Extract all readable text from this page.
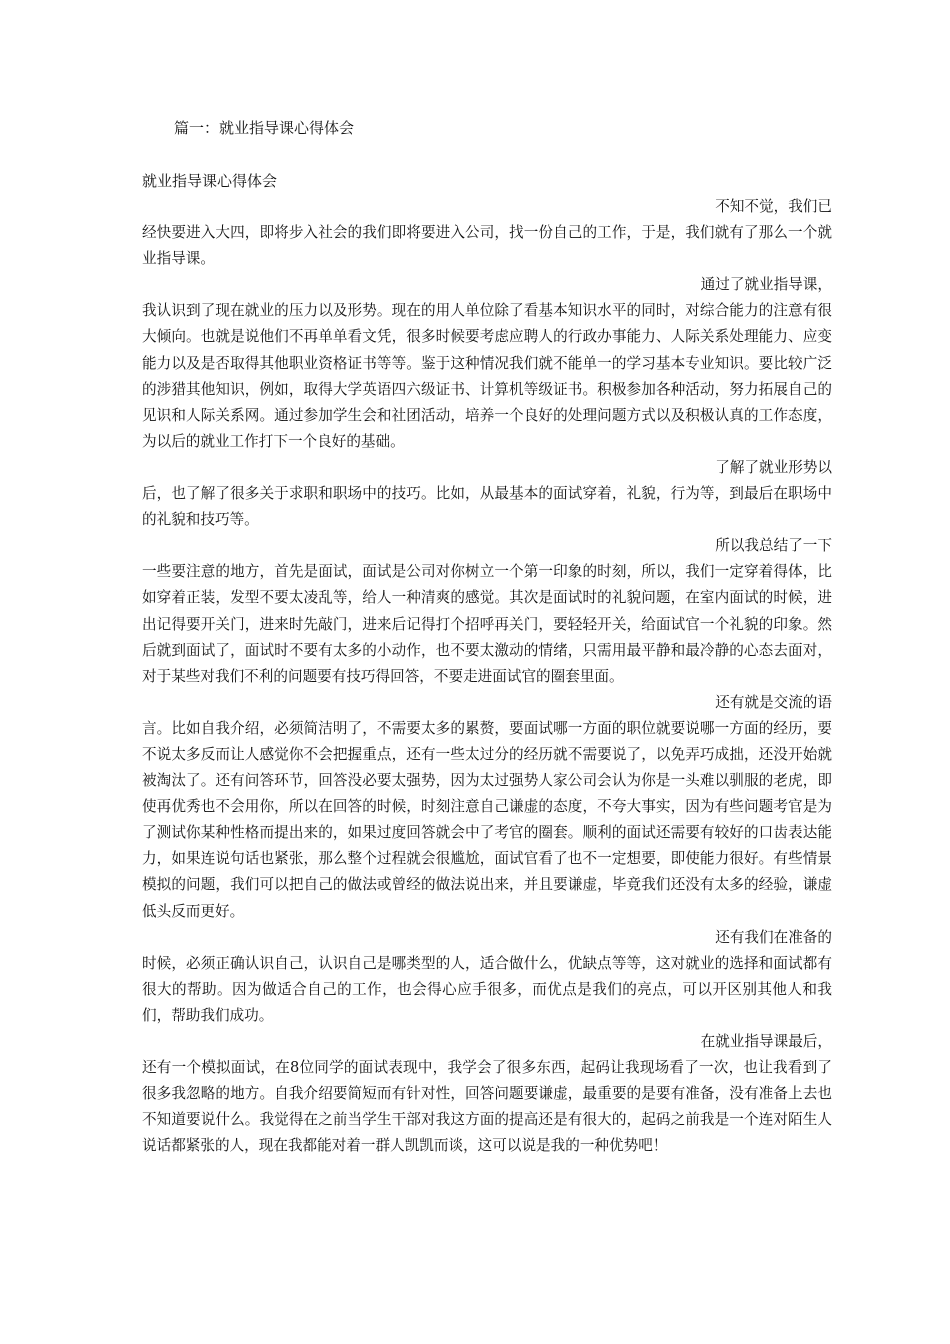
篇一：就业指导课心得体会
就业指导课心得体会
不知不觉，我们已
经快要进入大四，即将步入社会的我们即将要进入公司，找一份自己的工作，于是，我们就有了那么一个就业指导课。
通过了就业指导课，
我认识到了现在就业的压力以及形势。现在的用人单位除了看基本知识水平的同时，对综合能力的注意有很大倾向。也就是说他们不再单单看文凭，很多时候要考虑应聘人的行政办事能力、人际关系处理能力、应变能力以及是否取得其他职业资格证书等等。鉴于这种情况我们就不能单一的学习基本专业知识。要比较广泛的涉猎其他知识，例如，取得大学英语四六级证书、计算机等级证书。积极参加各种活动，努力拓展自己的见识和人际关系网。通过参加学生会和社团活动，培养一个良好的处理问题方式以及积极认真的工作态度，为以后的就业工作打下一个良好的基础。
了解了就业形势以
后，也了解了很多关于求职和职场中的技巧。比如，从最基本的面试穿着，礼貌，行为等，到最后在职场中的礼貌和技巧等。
所以我总结了一下
一些要注意的地方，首先是面试，面试是公司对你树立一个第一印象的时刻，所以，我们一定穿着得体，比如穿着正装，发型不要太凌乱等，给人一种清爽的感觉。其次是面试时的礼貌问题，在室内面试的时候，进出记得要开关门，进来时先敲门，进来后记得打个招呼再关门，要轻轻开关，给面试官一个礼貌的印象。然后就到面试了，面试时不要有太多的小动作，也不要太激动的情绪，只需用最平静和最冷静的心态去面对，对于某些对我们不利的问题要有技巧得回答，不要走进面试官的圈套里面。
还有就是交流的语
言。比如自我介绍，必须简洁明了，不需要太多的累赘，要面试哪一方面的职位就要说哪一方面的经历，要不说太多反而让人感觉你不会把握重点，还有一些太过分的经历就不需要说了，以免弄巧成拙，还没开始就被淘汰了。还有问答环节，回答没必要太强势，因为太过强势人家公司会认为你是一头难以驯服的老虎，即使再优秀也不会用你，所以在回答的时候，时刻注意自己谦虚的态度，不夸大事实，因为有些问题考官是为了测试你某种性格而提出来的，如果过度回答就会中了考官的圈套。顺利的面试还需要有较好的口齿表达能力，如果连说句话也紧张，那么整个过程就会很尴尬，面试官看了也不一定想要，即使能力很好。有些情景模拟的问题，我们可以把自己的做法或曾经的做法说出来，并且要谦虚，毕竟我们还没有太多的经验，谦虚低头反而更好。
还有我们在准备的
时候，必须正确认识自己，认识自己是哪类型的人，适合做什么，优缺点等等，这对就业的选择和面试都有很大的帮助。因为做适合自己的工作，也会得心应手很多，而优点是我们的亮点，可以开区别其他人和我们，帮助我们成功。
在就业指导课最后，
还有一个模拟面试，在8位同学的面试表现中，我学会了很多东西，起码让我现场看了一次，也让我看到了很多我忽略的地方。自我介绍要简短而有针对性，回答问题要谦虚，最重要的是要有准备，没有准备上去也不知道要说什么。我觉得在之前当学生干部对我这方面的提高还是有很大的，起码之前我是一个连对陌生人说话都紧张的人，现在我都能对着一群人凯凯而谈，这可以说是我的一种优势吧！
